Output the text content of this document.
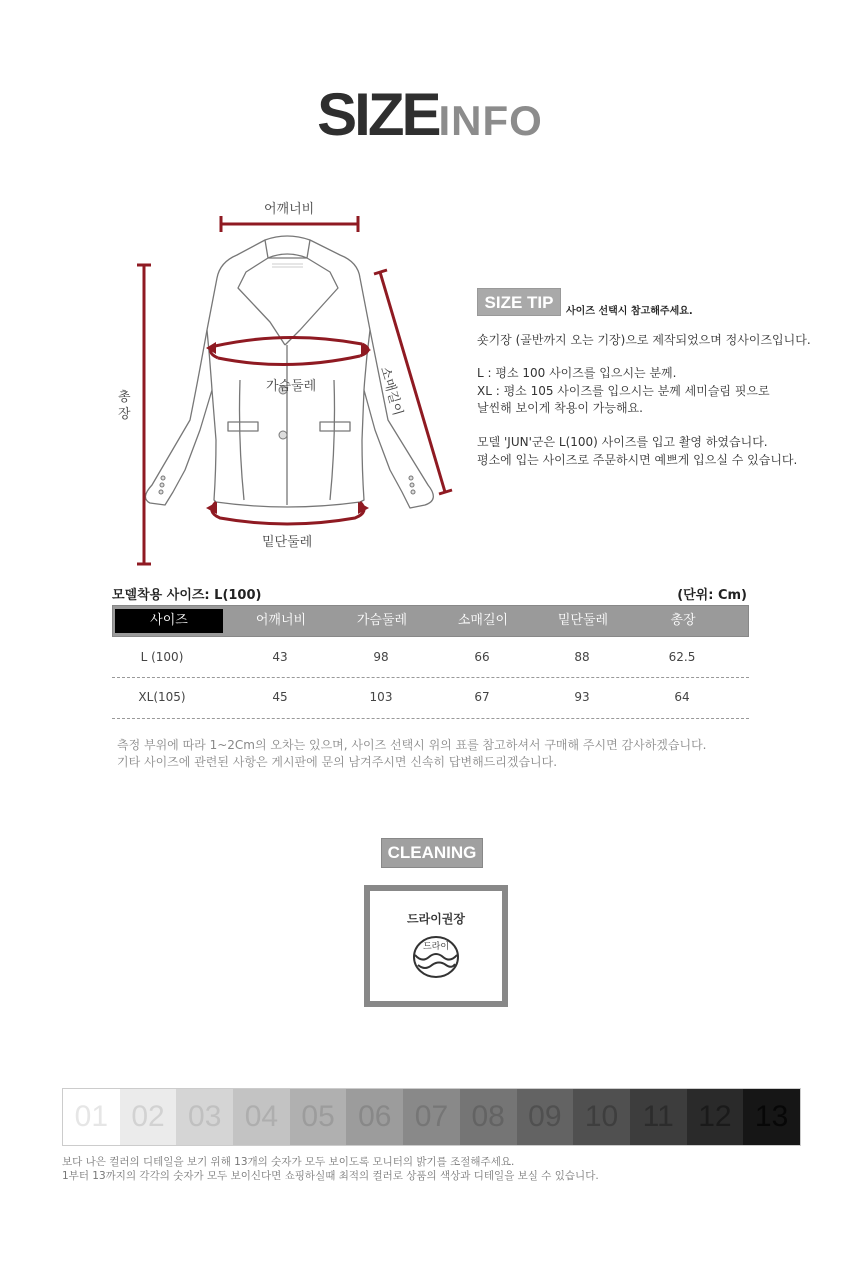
SIZEINFO
어깨너비
가슴둘레
밑단둘레
총
장	소매길이
SIZE TIP	사이즈 선택시 참고해주세요.
숏기장 (골반까지 오는 기장)으로 제작되었으며 정사이즈입니다.
L : 평소 100 사이즈를 입으시는 분께.
XL : 평소 105 사이즈를 입으시는 분께 세미슬림 핏으로
날씬해 보이게 착용이 가능해요.
모델 'JUN'군은 L(100) 사이즈를 입고 촬영 하였습니다.
평소에 입는 사이즈로 주문하시면 예쁘게 입으실 수 있습니다.
모델착용 사이즈: L(100)	(단위: Cm)
사이즈	어깨너비	가슴둘레	소매길이	밑단둘레	총장
L (100)	43	98	66	88	62.5
XL(105)	45	103	67	93	64
측정 부위에 따라 1~2Cm의 오차는 있으며, 사이즈 선택시 위의 표를 참고하셔서 구매해 주시면 감사하겠습니다.
기타 사이즈에 관련된 사항은 게시판에 문의 남겨주시면 신속히 답변해드리겠습니다.
CLEANING
드라이권장
드라이
01 02 03 04 05 06 07 08 09 10 11 12 13
보다 나은 컬러의 디테일을 보기 위해 13개의 숫자가 모두 보이도록 모니터의 밝기를 조절해주세요.
1부터 13까지의 각각의 숫자가 모두 보이신다면 쇼핑하실때 최적의 컬러로 상품의 색상과 디테일을 보실 수 있습니다.
